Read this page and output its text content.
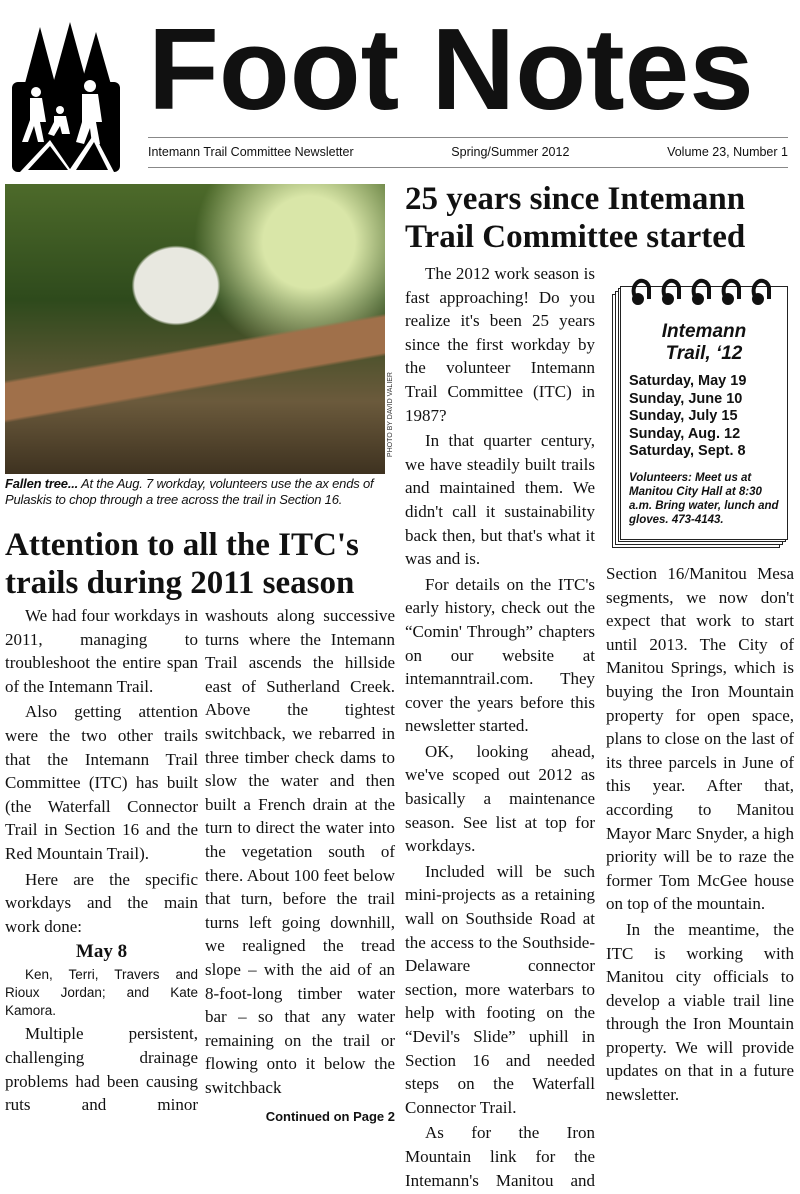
Foot Notes
Intemann Trail Committee Newsletter	Spring/Summer 2012	Volume 23, Number 1
PHOTO BY DAVID VALIER
Fallen tree... At the Aug. 7 workday, volunteers use the ax ends of Pulaskis to chop through a tree across the trail in Section 16.
Attention to all the ITC's trails during 2011 season

We had four workdays in 2011, managing to troubleshoot the entire span of the Intemann Trail.

Also getting attention were the two other trails that the Intemann Trail Committee (ITC) has built (the Waterfall Connector Trail in Section 16 and the Red Mountain Trail).

Here are the specific workdays and the main work done:

May 8

Ken, Terri, Travers and Rioux Jordan; and Kate Kamora.

Multiple persistent, challenging drainage problems had been causing ruts and minor

washouts along successive turns where the Intemann Trail ascends the hillside east of Sutherland Creek. Above the tightest switchback, we rebarred in three timber check dams to slow the water and then built a French drain at the turn to direct the water into the vegetation south of there. About 100 feet below that turn, before the trail turns left going downhill, we realigned the tread slope – with the aid of an 8-foot-long timber water bar – so that any water remaining on the trail or flowing onto it below the switchback

Continued on Page 2
25 years since Intemann Trail Committee started

The 2012 work season is fast approaching! Do you realize it's been 25 years since the first workday by the volunteer Intemann Trail Committee (ITC) in 1987?

In that quarter century, we have steadily built trails and maintained them. We didn't call it sustainability back then, but that's what it was and is.

For details on the ITC's early history, check out the “Comin' Through” chapters on our website at intemanntrail.com. They cover the years before this newsletter started.

OK, looking ahead, we've scoped out 2012 as basically a maintenance season. See list at top for workdays.

Included will be such mini-projects as a retaining wall on Southside Road at the access to the Southside-Delaware connector section, more waterbars to help with footing on the “Devil's Slide” uphill in Section 16 and needed steps on the Waterfall Connector Trail.

As for the Iron Mountain link for the Intemann's Manitou and

Intemann
Trail, ‘12
Saturday, May 19
Sunday, June 10
Sunday, July 15
Sunday, Aug. 12
Saturday, Sept. 8
Volunteers: Meet us at Manitou City Hall at 8:30 a.m. Bring water, lunch and gloves. 473-4143.

Section 16/Manitou Mesa segments, we now don't expect that work to start until 2013. The City of Manitou Springs, which is buying the Iron Mountain property for open space, plans to close on the last of its three parcels in June of this year. After that, according to Manitou Mayor Marc Snyder, a high priority will be to raze the former Tom McGee house on top of the mountain.

In the meantime, the ITC is working with Manitou city officials to develop a viable trail line through the Iron Mountain property. We will provide updates on that in a future newsletter.
